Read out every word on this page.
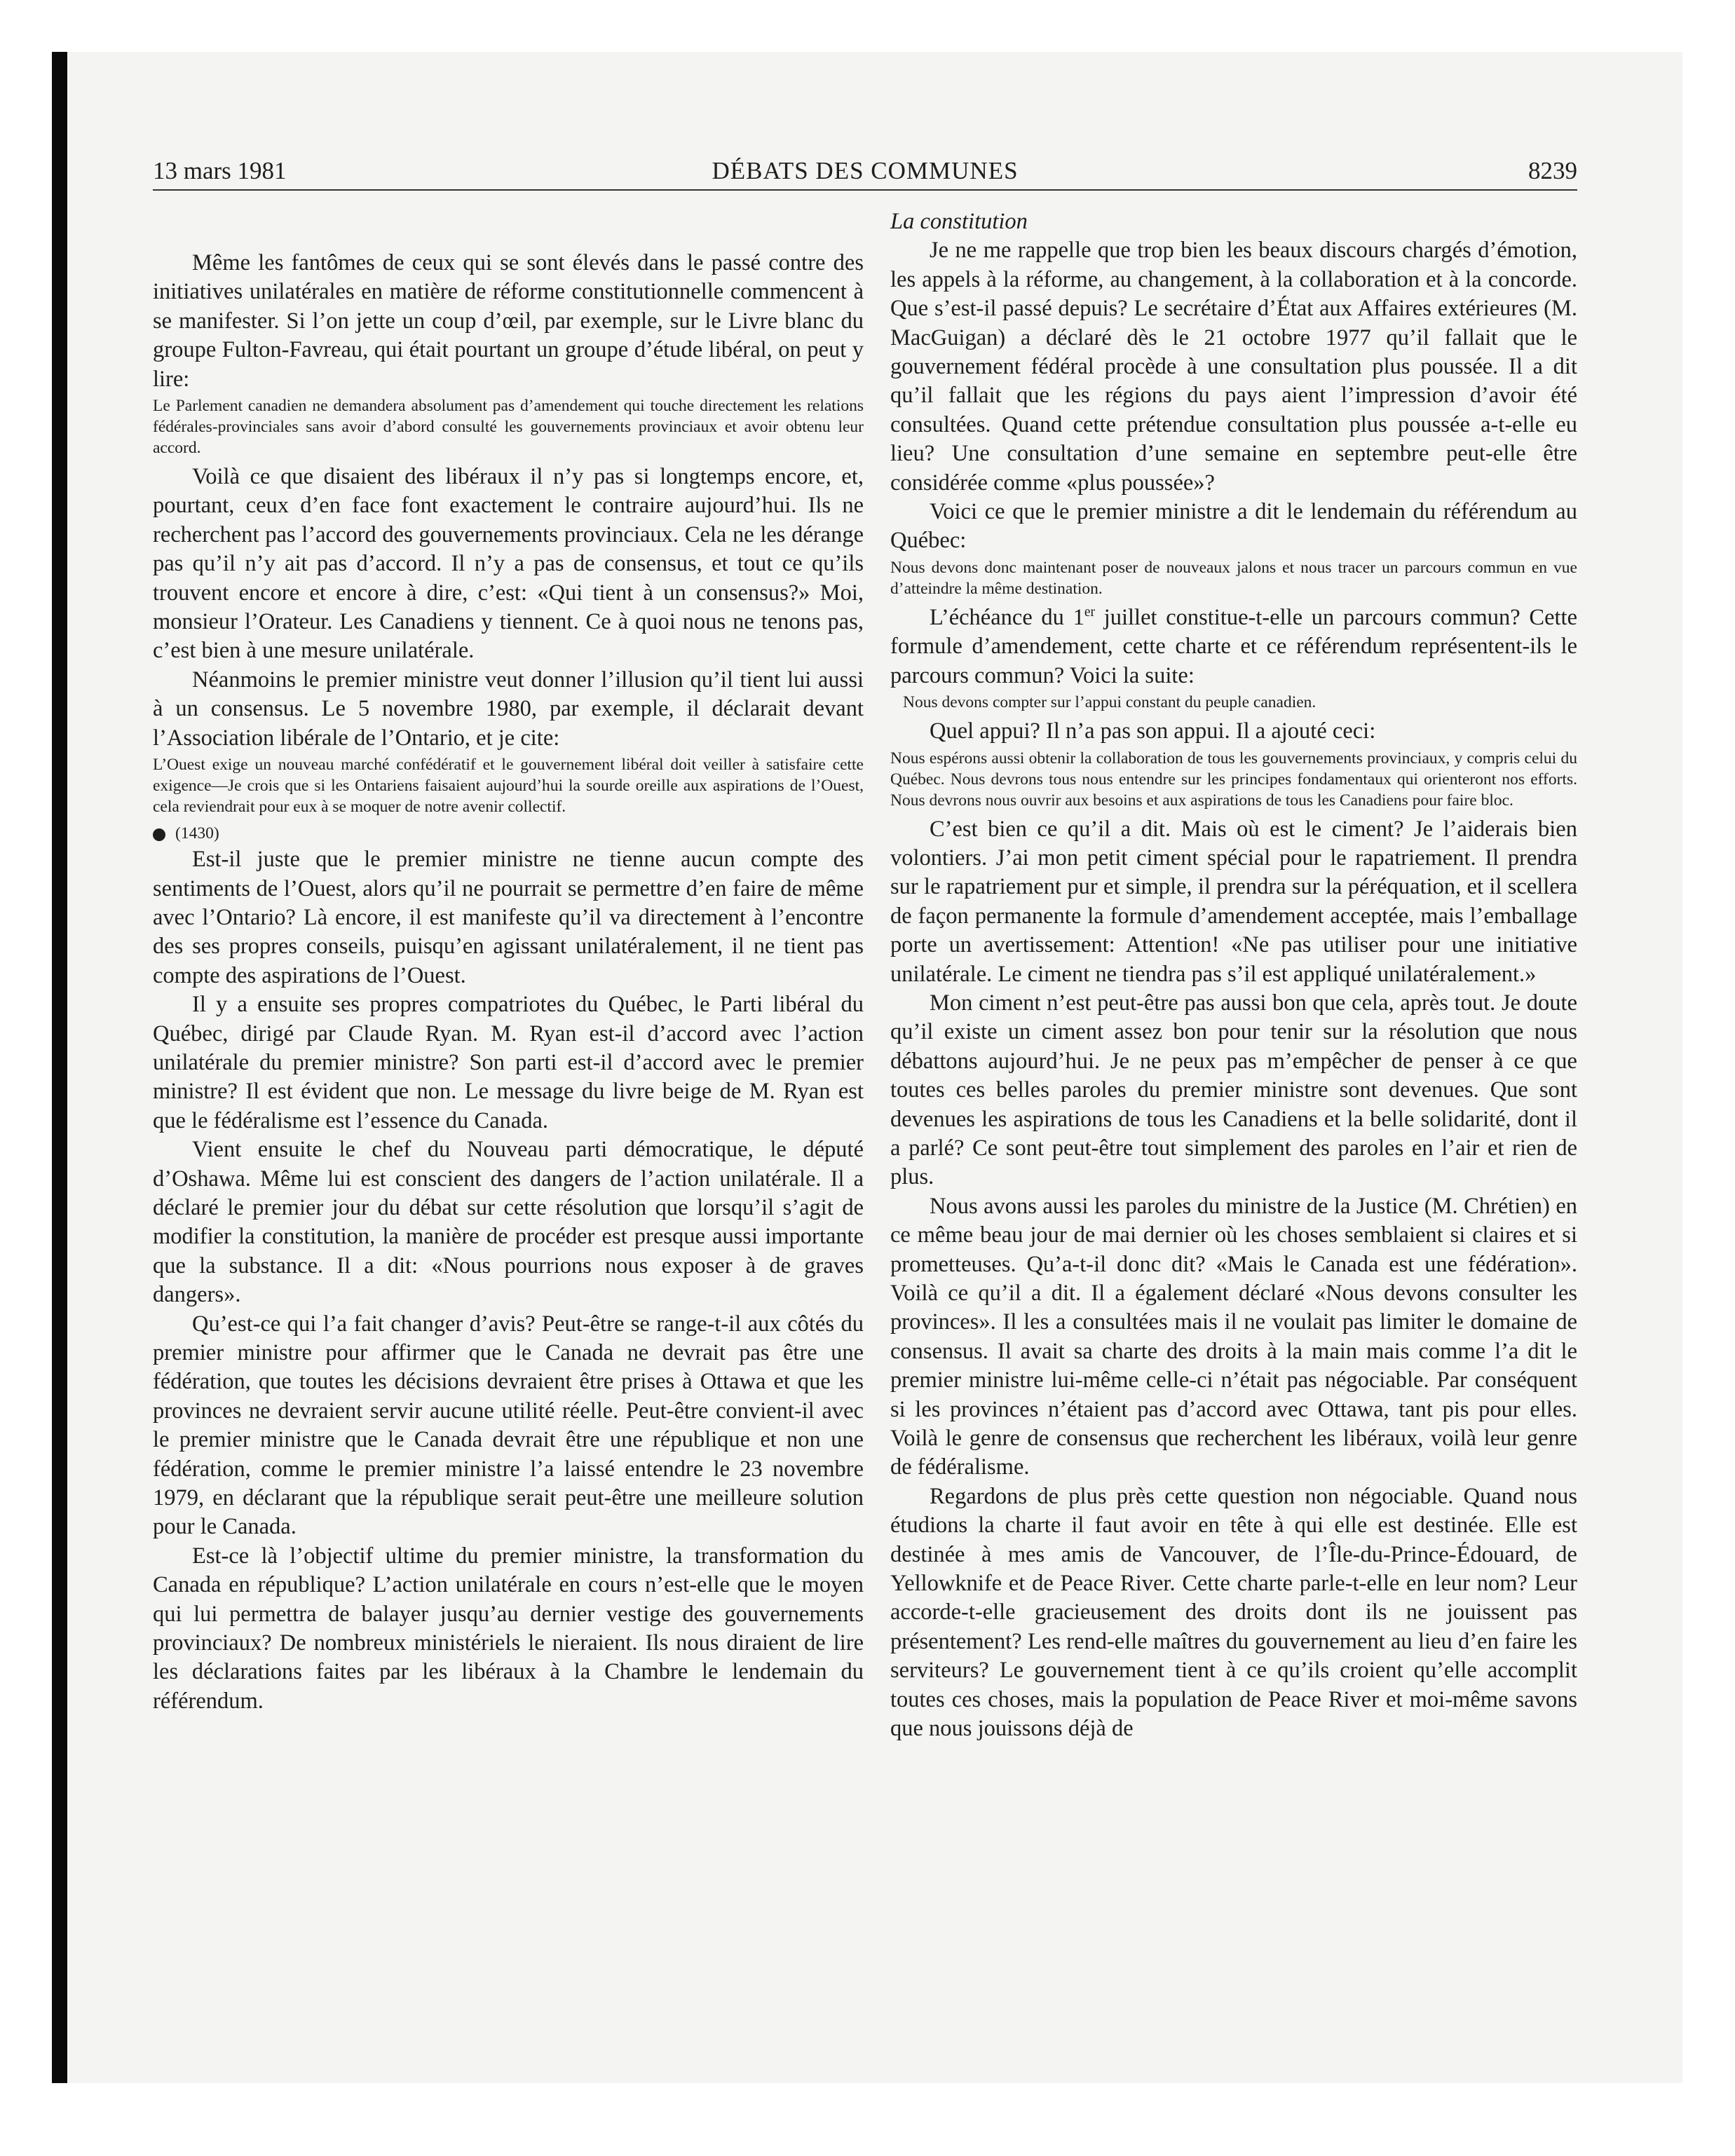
13 mars 1981	DÉBATS DES COMMUNES	8239

Même les fantômes de ceux qui se sont élevés dans le passé contre des initiatives unilatérales en matière de réforme constitutionnelle commencent à se manifester. Si l’on jette un coup d’œil, par exemple, sur le Livre blanc du groupe Fulton-Favreau, qui était pourtant un groupe d’étude libéral, on peut y lire:

Le Parlement canadien ne demandera absolument pas d’amendement qui touche directement les relations fédérales-provinciales sans avoir d’abord consulté les gouvernements provinciaux et avoir obtenu leur accord.

Voilà ce que disaient des libéraux il n’y pas si longtemps encore, et, pourtant, ceux d’en face font exactement le contraire aujourd’hui. Ils ne recherchent pas l’accord des gouvernements provinciaux. Cela ne les dérange pas qu’il n’y ait pas d’accord. Il n’y a pas de consensus, et tout ce qu’ils trouvent encore et encore à dire, c’est: «Qui tient à un consensus?» Moi, monsieur l’Orateur. Les Canadiens y tiennent. Ce à quoi nous ne tenons pas, c’est bien à une mesure unilatérale.

Néanmoins le premier ministre veut donner l’illusion qu’il tient lui aussi à un consensus. Le 5 novembre 1980, par exemple, il déclarait devant l’Association libérale de l’Ontario, et je cite:

L’Ouest exige un nouveau marché confédératif et le gouvernement libéral doit veiller à satisfaire cette exigence—Je crois que si les Ontariens faisaient aujourd’hui la sourde oreille aux aspirations de l’Ouest, cela reviendrait pour eux à se moquer de notre avenir collectif.
(1430)

Est-il juste que le premier ministre ne tienne aucun compte des sentiments de l’Ouest, alors qu’il ne pourrait se permettre d’en faire de même avec l’Ontario? Là encore, il est manifeste qu’il va directement à l’encontre des ses propres conseils, puisqu’en agissant unilatéralement, il ne tient pas compte des aspirations de l’Ouest.

Il y a ensuite ses propres compatriotes du Québec, le Parti libéral du Québec, dirigé par Claude Ryan. M. Ryan est-il d’accord avec l’action unilatérale du premier ministre? Son parti est-il d’accord avec le premier ministre? Il est évident que non. Le message du livre beige de M. Ryan est que le fédéralisme est l’essence du Canada.

Vient ensuite le chef du Nouveau parti démocratique, le député d’Oshawa. Même lui est conscient des dangers de l’action unilatérale. Il a déclaré le premier jour du débat sur cette résolution que lorsqu’il s’agit de modifier la constitution, la manière de procéder est presque aussi importante que la substance. Il a dit: «Nous pourrions nous exposer à de graves dangers».

Qu’est-ce qui l’a fait changer d’avis? Peut-être se range-t-il aux côtés du premier ministre pour affirmer que le Canada ne devrait pas être une fédération, que toutes les décisions devraient être prises à Ottawa et que les provinces ne devraient servir aucune utilité réelle. Peut-être convient-il avec le premier ministre que le Canada devrait être une république et non une fédération, comme le premier ministre l’a laissé entendre le 23 novembre 1979, en déclarant que la république serait peut-être une meilleure solution pour le Canada.

Est-ce là l’objectif ultime du premier ministre, la transformation du Canada en république? L’action unilatérale en cours n’est-elle que le moyen qui lui permettra de balayer jusqu’au dernier vestige des gouvernements provinciaux? De nombreux ministériels le nieraient. Ils nous diraient de lire les déclarations faites par les libéraux à la Chambre le lendemain du référendum.

La constitution

Je ne me rappelle que trop bien les beaux discours chargés d’émotion, les appels à la réforme, au changement, à la collaboration et à la concorde. Que s’est-il passé depuis? Le secrétaire d’État aux Affaires extérieures (M. MacGuigan) a déclaré dès le 21 octobre 1977 qu’il fallait que le gouvernement fédéral procède à une consultation plus poussée. Il a dit qu’il fallait que les régions du pays aient l’impression d’avoir été consultées. Quand cette prétendue consultation plus poussée a-t-elle eu lieu? Une consultation d’une semaine en septembre peut-elle être considérée comme «plus poussée»?

Voici ce que le premier ministre a dit le lendemain du référendum au Québec:

Nous devons donc maintenant poser de nouveaux jalons et nous tracer un parcours commun en vue d’atteindre la même destination.

L’échéance du 1er juillet constitue-t-elle un parcours commun? Cette formule d’amendement, cette charte et ce référendum représentent-ils le parcours commun? Voici la suite:

Nous devons compter sur l’appui constant du peuple canadien.

Quel appui? Il n’a pas son appui. Il a ajouté ceci:

Nous espérons aussi obtenir la collaboration de tous les gouvernements provinciaux, y compris celui du Québec. Nous devrons tous nous entendre sur les principes fondamentaux qui orienteront nos efforts. Nous devrons nous ouvrir aux besoins et aux aspirations de tous les Canadiens pour faire bloc.

C’est bien ce qu’il a dit. Mais où est le ciment? Je l’aiderais bien volontiers. J’ai mon petit ciment spécial pour le rapatriement. Il prendra sur le rapatriement pur et simple, il prendra sur la péréquation, et il scellera de façon permanente la formule d’amendement acceptée, mais l’emballage porte un avertissement: Attention! «Ne pas utiliser pour une initiative unilatérale. Le ciment ne tiendra pas s’il est appliqué unilatéralement.»

Mon ciment n’est peut-être pas aussi bon que cela, après tout. Je doute qu’il existe un ciment assez bon pour tenir sur la résolution que nous débattons aujourd’hui. Je ne peux pas m’empêcher de penser à ce que toutes ces belles paroles du premier ministre sont devenues. Que sont devenues les aspirations de tous les Canadiens et la belle solidarité, dont il a parlé? Ce sont peut-être tout simplement des paroles en l’air et rien de plus.

Nous avons aussi les paroles du ministre de la Justice (M. Chrétien) en ce même beau jour de mai dernier où les choses semblaient si claires et si prometteuses. Qu’a-t-il donc dit? «Mais le Canada est une fédération». Voilà ce qu’il a dit. Il a également déclaré «Nous devons consulter les provinces». Il les a consultées mais il ne voulait pas limiter le domaine de consensus. Il avait sa charte des droits à la main mais comme l’a dit le premier ministre lui-même celle-ci n’était pas négociable. Par conséquent si les provinces n’étaient pas d’accord avec Ottawa, tant pis pour elles. Voilà le genre de consensus que recherchent les libéraux, voilà leur genre de fédéralisme.

Regardons de plus près cette question non négociable. Quand nous étudions la charte il faut avoir en tête à qui elle est destinée. Elle est destinée à mes amis de Vancouver, de l’Île-du-Prince-Édouard, de Yellowknife et de Peace River. Cette charte parle-t-elle en leur nom? Leur accorde-t-elle gracieusement des droits dont ils ne jouissent pas présentement? Les rend-elle maîtres du gouvernement au lieu d’en faire les serviteurs? Le gouvernement tient à ce qu’ils croient qu’elle accomplit toutes ces choses, mais la population de Peace River et moi-même savons que nous jouissons déjà de
